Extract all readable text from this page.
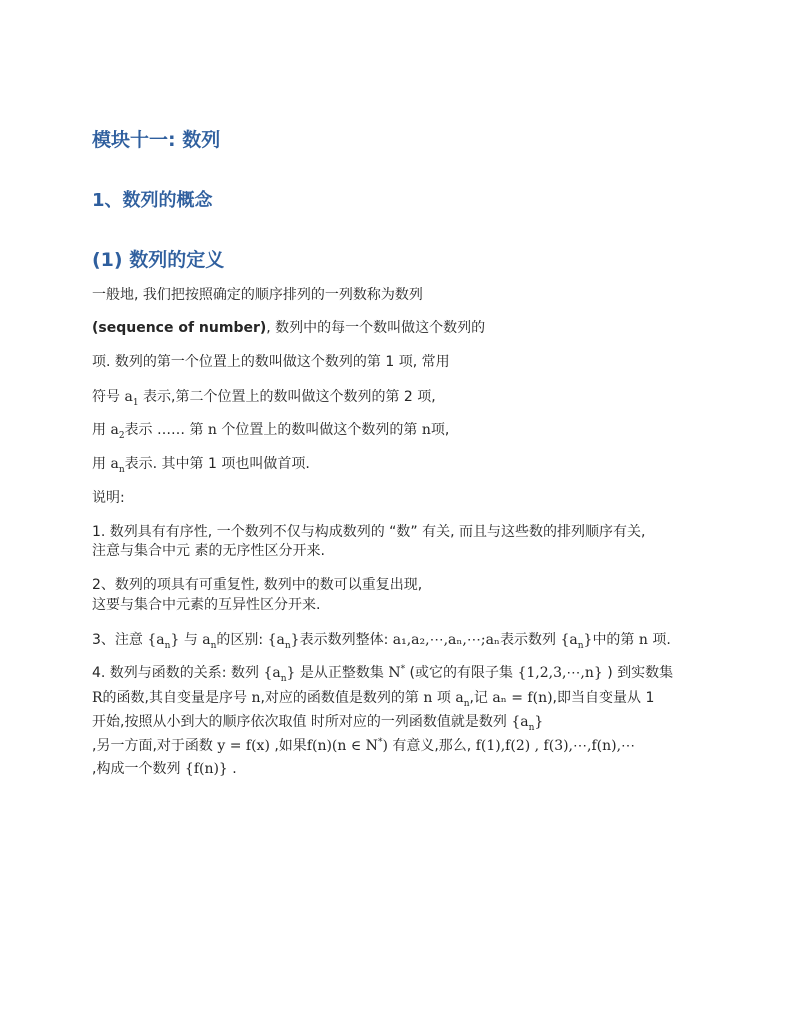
模块十一: 数列
1、数列的概念
(1) 数列的定义
一般地, 我们把按照确定的顺序排列的一列数称为数列
(sequence of number), 数列中的每一个数叫做这个数列的
项. 数列的第一个位置上的数叫做这个数列的第 1 项, 常用
符号 $a_1$ 表示,第二个位置上的数叫做这个数列的第 2 项,
用 $a_2$表示 …… 第 n 个位置上的数叫做这个数列的第 n项,
用 $a_n$表示. 其中第 1 项也叫做首项.
说明:
1. 数列具有有序性, 一个数列不仅与构成数列的 “数” 有关, 而且与这些数的排列顺序有关,
注意与集合中元 素的无序性区分开来.
2、数列的项具有可重复性, 数列中的数可以重复出现,
这要与集合中元素的互异性区分开来.
3、注意 $\{a_n\}$ 与 $a_n$的区别: $\{a_n\}$表示数列整体: a₁,a₂,⋯,aₙ,⋯;aₙ表示数列 $\{a_n\}$中的第 n 项.
4. 数列与函数的关系: 数列 $\{a_n\}$ 是从正整数集 N* (或它的有限子集 {1,2,3,⋯,n} ) 到实数集
R的函数,其自变量是序号 n,对应的函数值是数列的第 n 项 $a_n$,记 aₙ = f(n),即当自变量从 1
开始,按照从小到大的顺序依次取值 时所对应的一列函数值就是数列 $\{a_n\}$
,另一方面,对于函数 y = f(x) ,如果f(n)(n ∈ N*) 有意义,那么, f(1),f(2) , f(3),⋯,f(n),⋯
,构成一个数列 {f(n)} .
